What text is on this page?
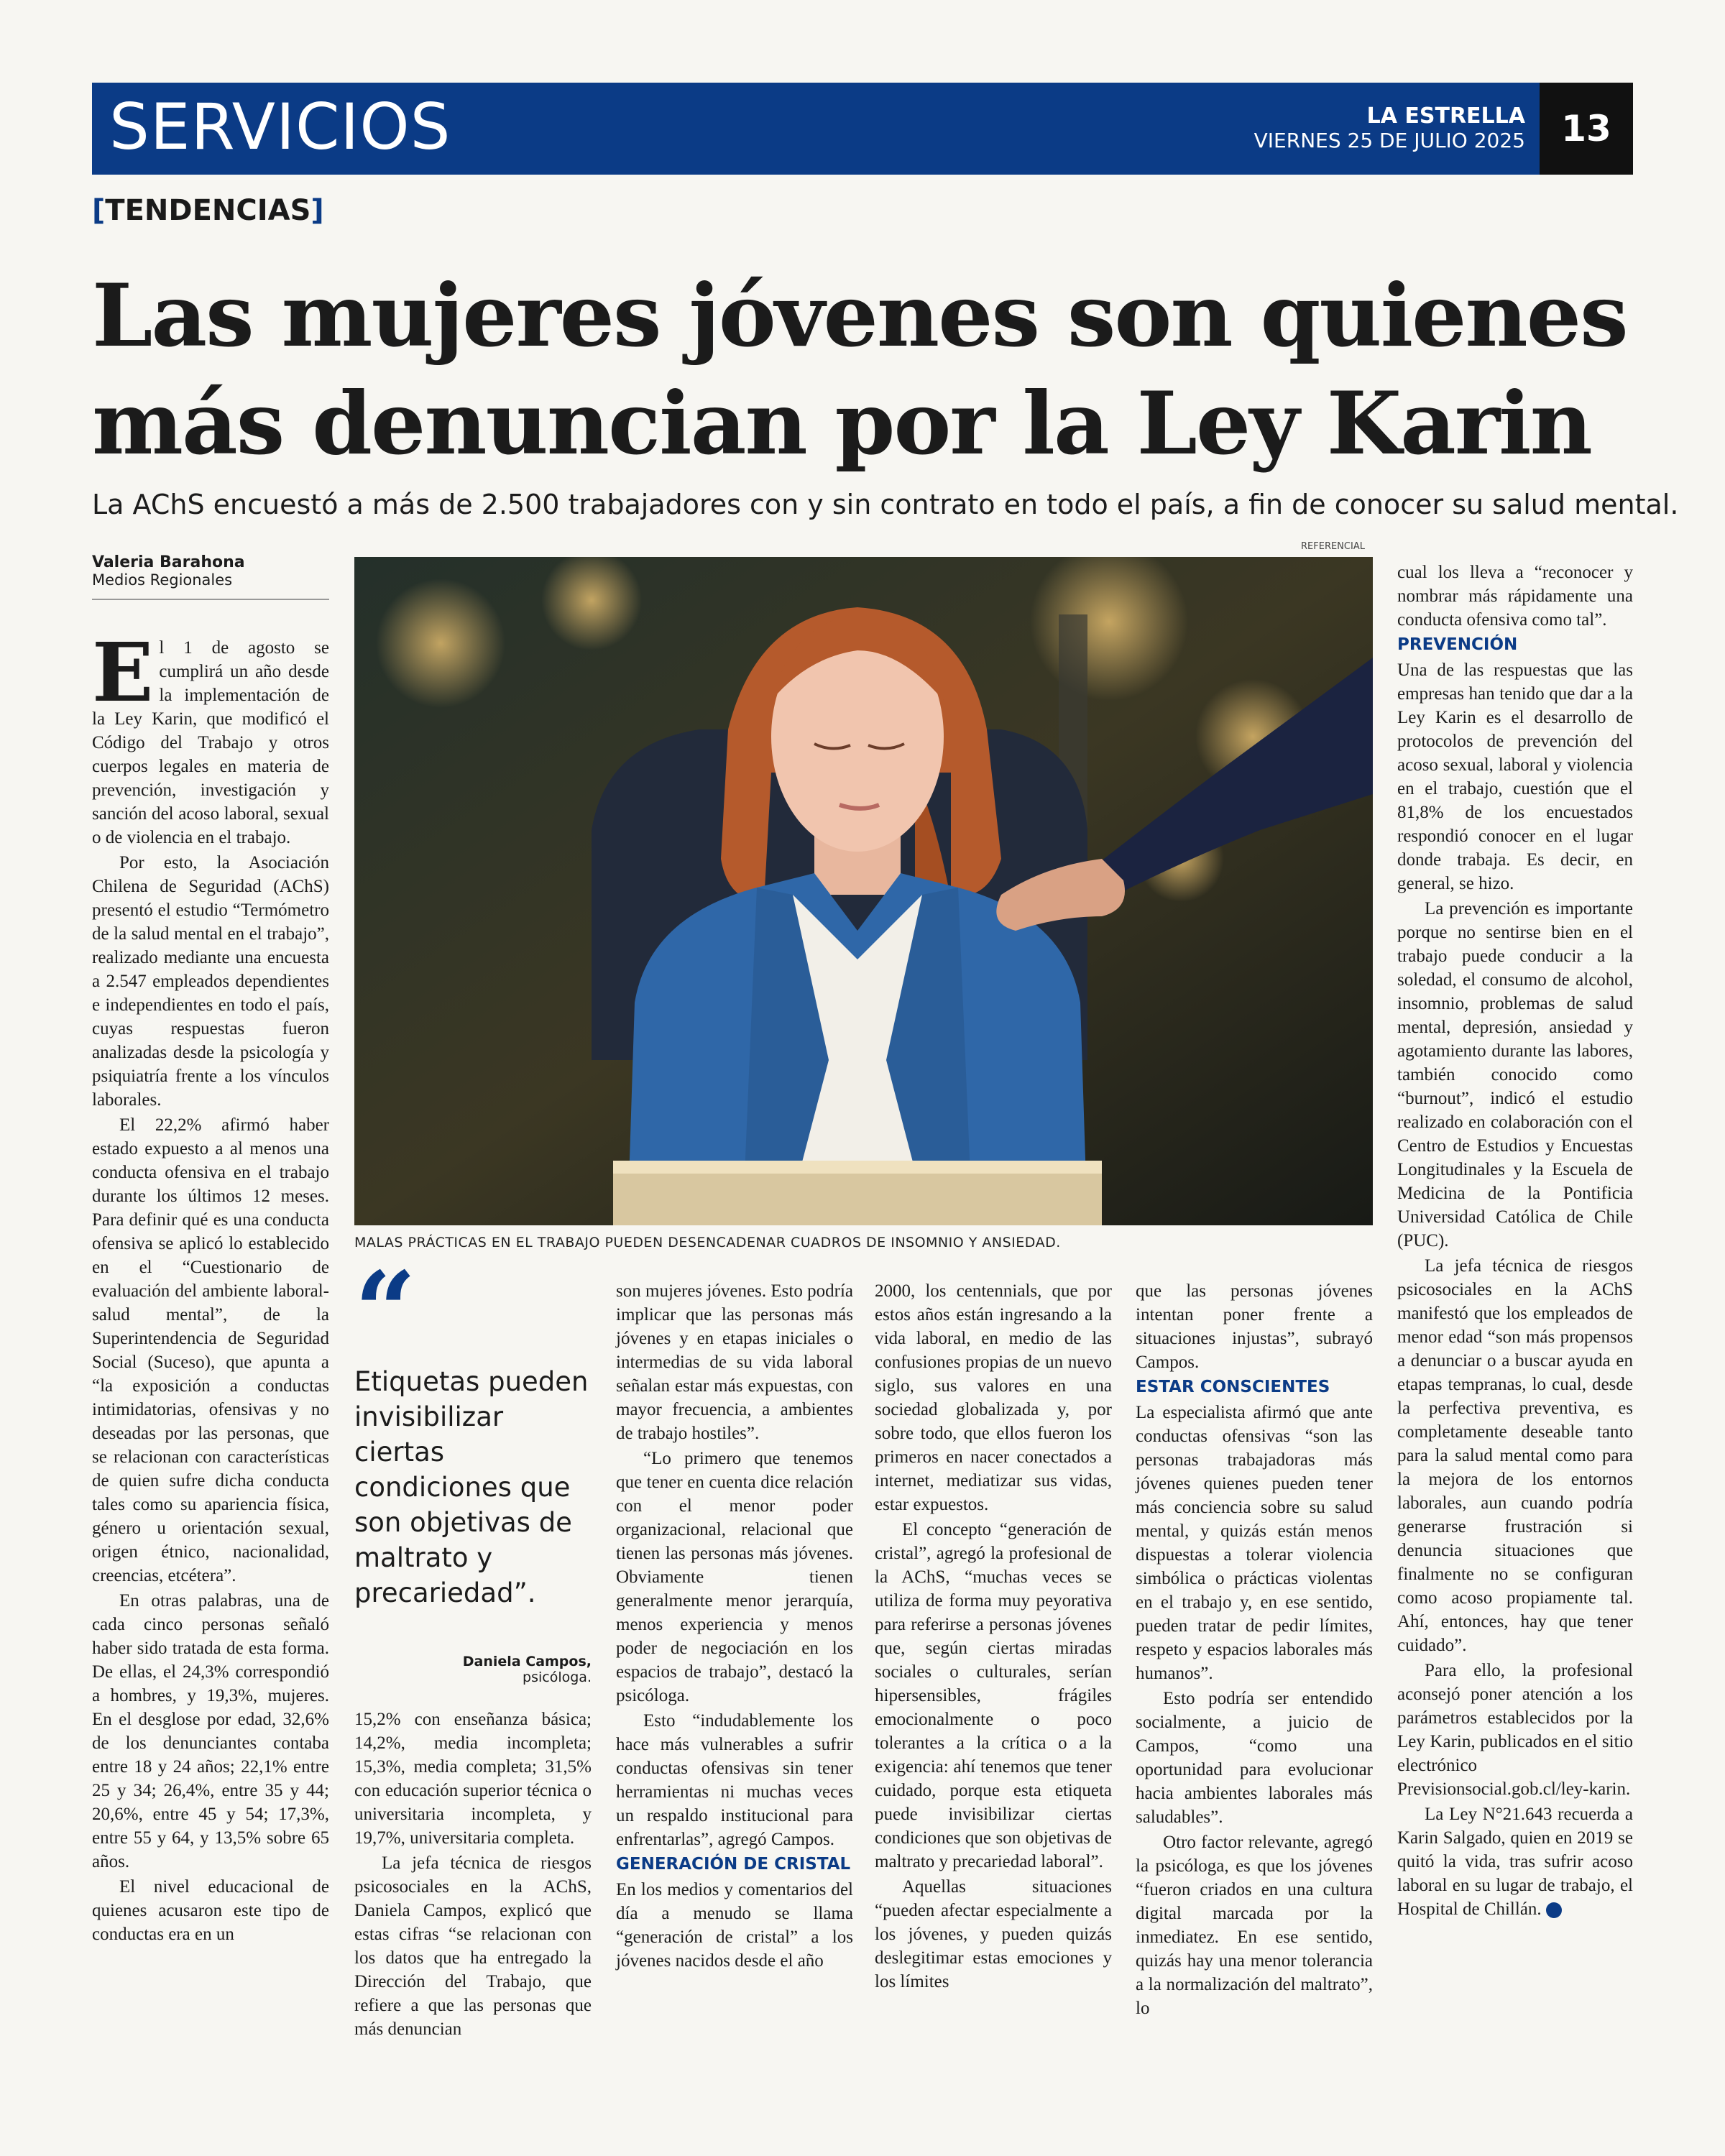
SERVICIOS	LA ESTRELLA
VIERNES 25 DE JULIO 2025	13
[TENDENCIAS]
Las mujeres jóvenes son quienes
más denuncian por la Ley Karin
La AChS encuestó a más de 2.500 trabajadores con y sin contrato en todo el país, a fin de conocer su salud mental.
Valeria Barahona
Medios Regionales
REFERENCIAL
MALAS PRÁCTICAS EN EL TRABAJO PUEDEN DESENCADENAR CUADROS DE INSOMNIO Y ANSIEDAD.

El 1 de agosto se cumplirá un año desde la implementación de la Ley Karin, que modificó el Código del Trabajo y otros cuerpos legales en materia de prevención, investigación y sanción del acoso laboral, sexual o de violencia en el trabajo.

Por esto, la Asociación Chilena de Seguridad (AChS) presentó el estudio “Termómetro de la salud mental en el trabajo”, realizado mediante una encuesta a 2.547 empleados dependientes e independientes en todo el país, cuyas respuestas fueron analizadas desde la psicología y psiquiatría frente a los vínculos laborales.

El 22,2% afirmó haber estado expuesto a al menos una conducta ofensiva en el trabajo durante los últimos 12 meses. Para definir qué es una conducta ofensiva se aplicó lo establecido en el “Cuestionario de evaluación del ambiente laboral-salud mental”, de la Superintendencia de Seguridad Social (Suceso), que apunta a “la exposición a conductas intimidatorias, ofensivas y no deseadas por las personas, que se relacionan con características de quien sufre dicha conducta tales como su apariencia física, género u orientación sexual, origen étnico, nacionalidad, creencias, etcétera”.

En otras palabras, una de cada cinco personas señaló haber sido tratada de esta forma. De ellas, el 24,3% correspondió a hombres, y 19,3%, mujeres. En el desglose por edad, 32,6% de los denunciantes contaba entre 18 y 24 años; 22,1% entre 25 y 34; 26,4%, entre 35 y 44; 20,6%, entre 45 y 54; 17,3%, entre 55 y 64, y 13,5% sobre 65 años.

El nivel educacional de quienes acusaron este tipo de conductas era en un

“
Etiquetas pueden invisibilizar ciertas condiciones que son objetivas de maltrato y precariedad”.
Daniela Campos,
psicóloga.

15,2% con enseñanza básica; 14,2%, media incompleta; 15,3%, media completa; 31,5% con educación superior técnica o universitaria incompleta, y 19,7%, universitaria completa.

La jefa técnica de riesgos psicosociales en la AChS, Daniela Campos, explicó que estas cifras “se relacionan con los datos que ha entregado la Dirección del Trabajo, que refiere a que las personas que más denuncian

son mujeres jóvenes. Esto podría implicar que las personas más jóvenes y en etapas iniciales o intermedias de su vida laboral señalan estar más expuestas, con mayor frecuencia, a ambientes de trabajo hostiles”.

“Lo primero que tenemos que tener en cuenta dice relación con el menor poder organizacional, relacional que tienen las personas más jóvenes. Obviamente tienen generalmente menor jerarquía, menos experiencia y menos poder de negociación en los espacios de trabajo”, destacó la psicóloga.

Esto “indudablemente los hace más vulnerables a sufrir conductas ofensivas sin tener herramientas ni muchas veces un respaldo institucional para enfrentarlas”, agregó Campos.

GENERACIÓN DE CRISTAL

En los medios y comentarios del día a menudo se llama “generación de cristal” a los jóvenes nacidos desde el año

2000, los centennials, que por estos años están ingresando a la vida laboral, en medio de las confusiones propias de un nuevo siglo, sus valores en una sociedad globalizada y, por sobre todo, que ellos fueron los primeros en nacer conectados a internet, mediatizar sus vidas, estar expuestos.

El concepto “generación de cristal”, agregó la profesional de la AChS, “muchas veces se utiliza de forma muy peyorativa para referirse a personas jóvenes que, según ciertas miradas sociales o culturales, serían hipersensibles, frágiles emocionalmente o poco tolerantes a la crítica o a la exigencia: ahí tenemos que tener cuidado, porque esta etiqueta puede invisibilizar ciertas condiciones que son objetivas de maltrato y precariedad laboral”.

Aquellas situaciones “pueden afectar especialmente a los jóvenes, y pueden quizás deslegitimar estas emociones y los límites

que las personas jóvenes intentan poner frente a situaciones injustas”, subrayó Campos.

ESTAR CONSCIENTES

La especialista afirmó que ante conductas ofensivas “son las personas trabajadoras más jóvenes quienes pueden tener más conciencia sobre su salud mental, y quizás están menos dispuestas a tolerar violencia simbólica o prácticas violentas en el trabajo y, en ese sentido, pueden tratar de pedir límites, respeto y espacios laborales más humanos”.

Esto podría ser entendido socialmente, a juicio de Campos, “como una oportunidad para evolucionar hacia ambientes laborales más saludables”.

Otro factor relevante, agregó la psicóloga, es que los jóvenes “fueron criados en una cultura digital marcada por la inmediatez. En ese sentido, quizás hay una menor tolerancia a la normalización del maltrato”, lo

cual los lleva a “reconocer y nombrar más rápidamente una conducta ofensiva como tal”.

PREVENCIÓN

Una de las respuestas que las empresas han tenido que dar a la Ley Karin es el desarrollo de protocolos de prevención del acoso sexual, laboral y violencia en el trabajo, cuestión que el 81,8% de los encuestados respondió conocer en el lugar donde trabaja. Es decir, en general, se hizo.

La prevención es importante porque no sentirse bien en el trabajo puede conducir a la soledad, el consumo de alcohol, insomnio, problemas de salud mental, depresión, ansiedad y agotamiento durante las labores, también conocido como “burnout”, indicó el estudio realizado en colaboración con el Centro de Estudios y Encuestas Longitudinales y la Escuela de Medicina de la Pontificia Universidad Católica de Chile (PUC).

La jefa técnica de riesgos psicosociales en la AChS manifestó que los empleados de menor edad “son más propensos a denunciar o a buscar ayuda en etapas tempranas, lo cual, desde la perfectiva preventiva, es completamente deseable tanto para la salud mental como para la mejora de los entornos laborales, aun cuando podría generarse frustración si denuncia situaciones que finalmente no se configuran como acoso propiamente tal. Ahí, entonces, hay que tener cuidado”.

Para ello, la profesional aconsejó poner atención a los parámetros establecidos por la Ley Karin, publicados en el sitio electrónico Previsionsocial.gob.cl/ley-karin.

La Ley N°21.643 recuerda a Karin Salgado, quien en 2019 se quitó la vida, tras sufrir acoso laboral en su lugar de trabajo, el Hospital de Chillán.
